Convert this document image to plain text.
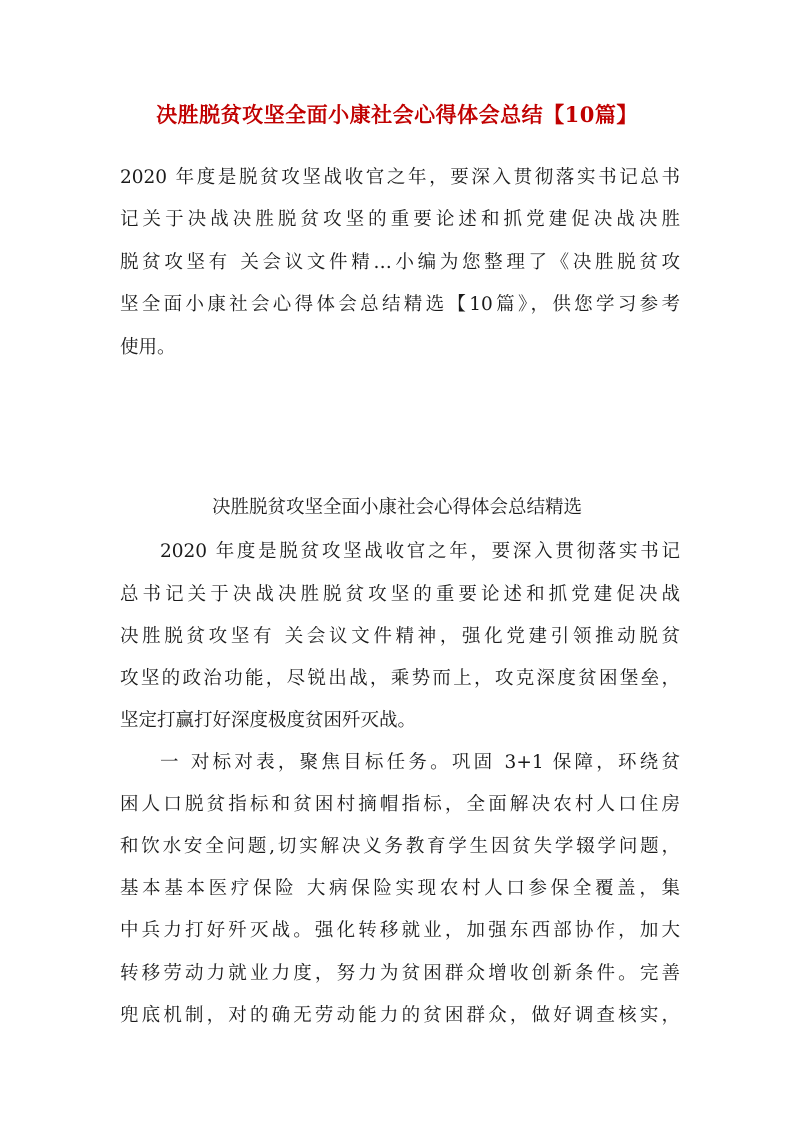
决胜脱贫攻坚全面小康社会心得体会总结【10篇】

2020 年度是脱贫攻坚战收官之年，要深入贯彻落实书记总书

记关于决战决胜脱贫攻坚的重要论述和抓党建促决战决胜

脱贫攻坚有 关会议文件精…小编为您整理了《决胜脱贫攻

坚全面小康社会心得体会总结精选【10篇》，供您学习参考

使用。

决胜脱贫攻坚全面小康社会心得体会总结精选

2020 年度是脱贫攻坚战收官之年，要深入贯彻落实书记

总书记关于决战决胜脱贫攻坚的重要论述和抓党建促决战

决胜脱贫攻坚有 关会议文件精神，强化党建引领推动脱贫

攻坚的政治功能，尽锐出战，乘势而上，攻克深度贫困堡垒，

坚定打赢打好深度极度贫困歼灭战。

一 对标对表，聚焦目标任务。巩固 3+1 保障，环绕贫

困人口脱贫指标和贫困村摘帽指标，全面解决农村人口住房

和饮水安全问题,切实解决义务教育学生因贫失学辍学问题，

基本基本医疗保险 大病保险实现农村人口参保全覆盖，集

中兵力打好歼灭战。强化转移就业，加强东西部协作，加大

转移劳动力就业力度，努力为贫困群众增收创新条件。完善

兜底机制，对的确无劳动能力的贫困群众，做好调查核实，
